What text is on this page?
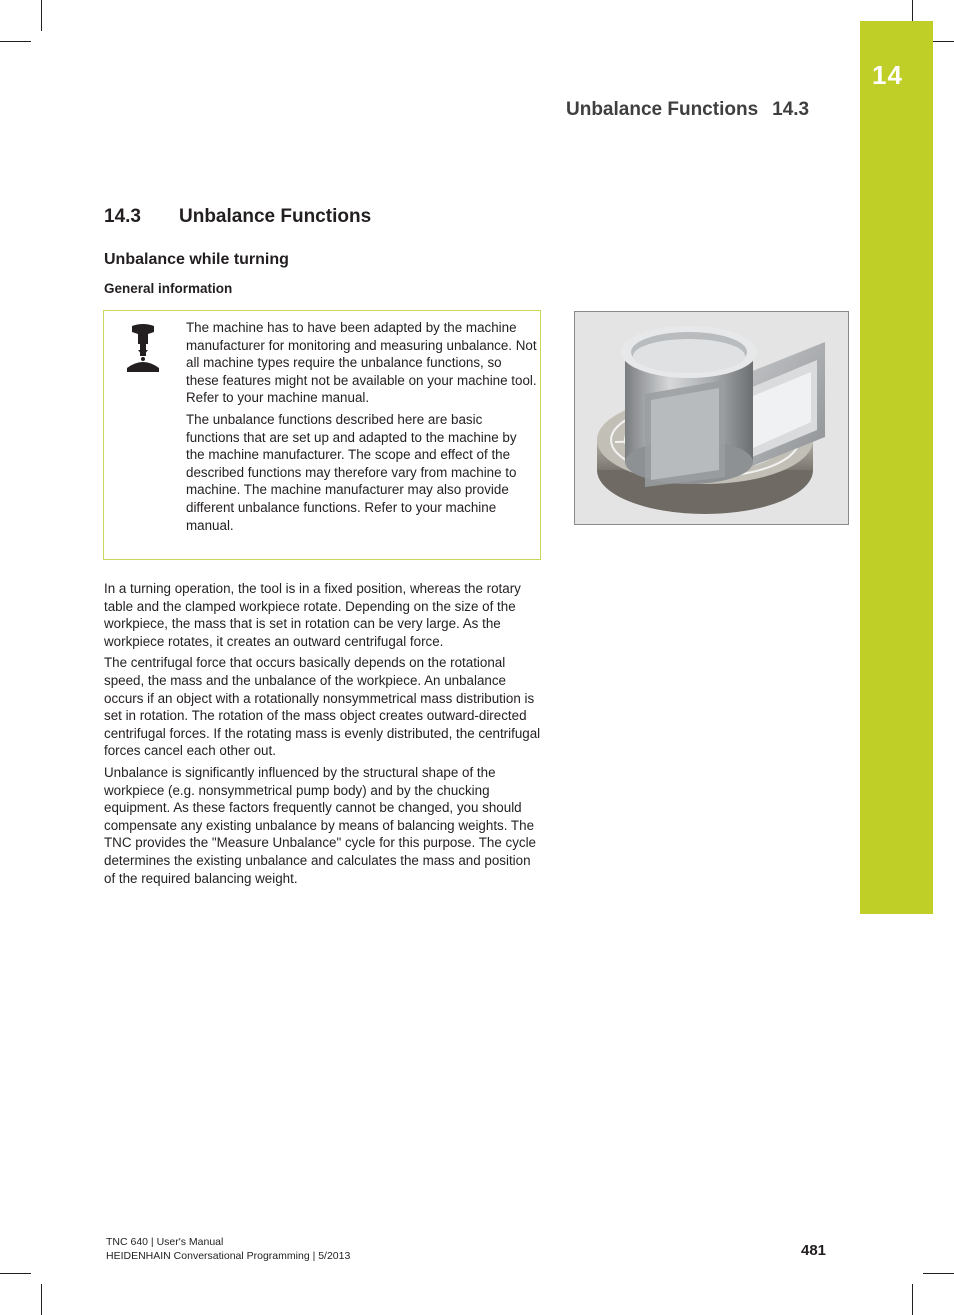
14
Unbalance Functions 14.3
14.3 Unbalance Functions
Unbalance while turning
General information

The machine has to have been adapted by the machine manufacturer for monitoring and measuring unbalance. Not all machine types require the unbalance functions, so these features might not be available on your machine tool. Refer to your machine manual.

The unbalance functions described here are basic functions that are set up and adapted to the machine by the machine manufacturer. The scope and effect of the described functions may therefore vary from machine to machine. The machine manufacturer may also provide different unbalance functions. Refer to your machine manual.

In a turning operation, the tool is in a fixed position, whereas the rotary table and the clamped workpiece rotate. Depending on the size of the workpiece, the mass that is set in rotation can be very large. As the workpiece rotates, it creates an outward centrifugal force.

The centrifugal force that occurs basically depends on the rotational speed, the mass and the unbalance of the workpiece. An unbalance occurs if an object with a rotationally nonsymmetrical mass distribution is set in rotation. The rotation of the mass object creates outward-directed centrifugal forces. If the rotating mass is evenly distributed, the centrifugal forces cancel each other out.

Unbalance is significantly influenced by the structural shape of the workpiece (e.g. nonsymmetrical pump body) and by the chucking equipment. As these factors frequently cannot be changed, you should compensate any existing unbalance by means of balancing weights. The TNC provides the "Measure Unbalance" cycle for this purpose. The cycle determines the existing unbalance and calculates the mass and position of the required balancing weight.

TNC 640 | User's Manual
HEIDENHAIN Conversational Programming | 5/2013	481
